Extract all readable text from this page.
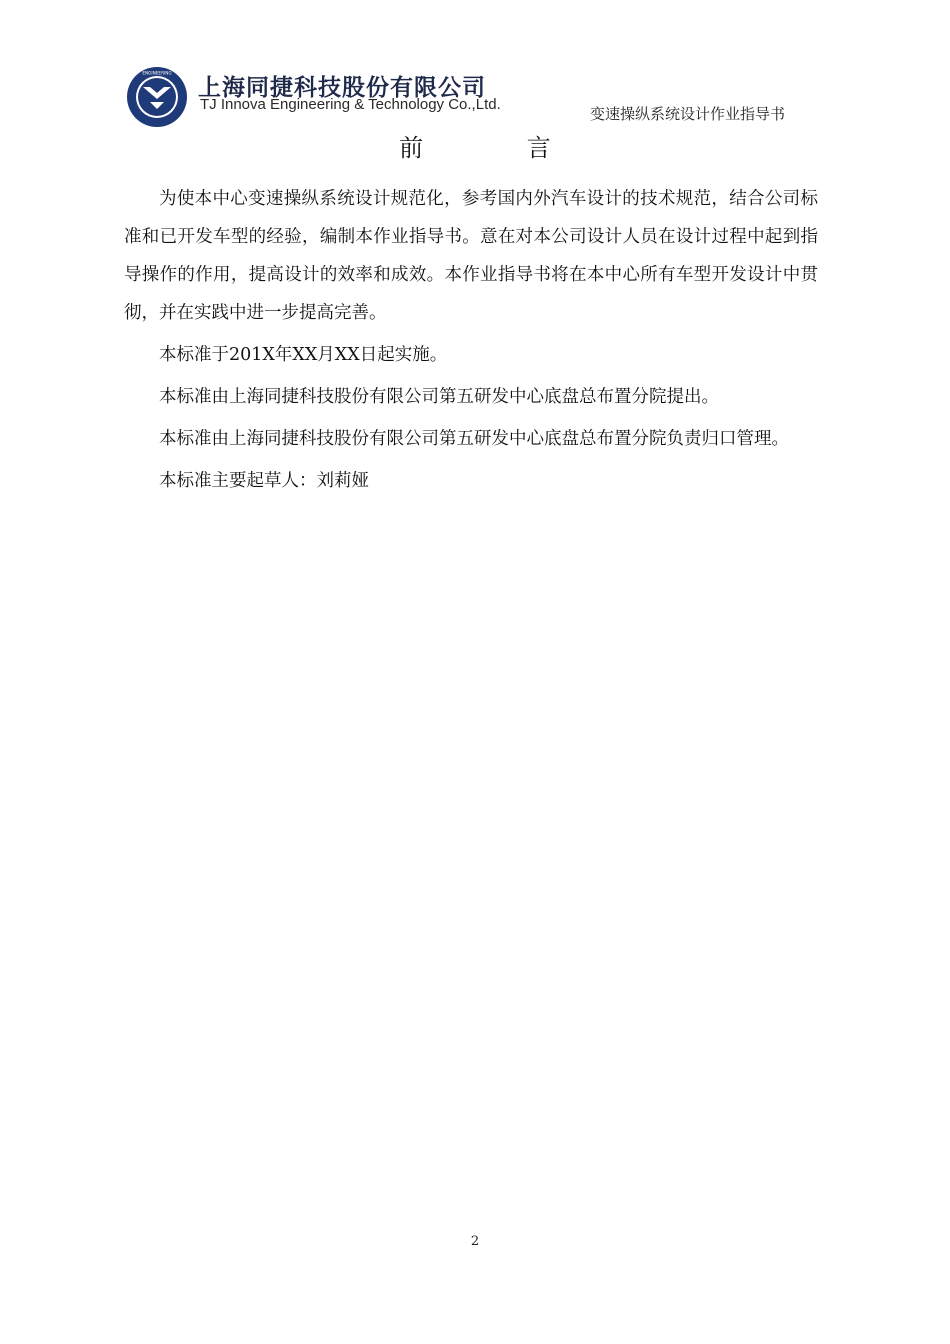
ENGINEERING
上海同捷科技股份有限公司
TJ Innova Engineering & Technology Co.,Ltd.
变速操纵系统设计作业指导书
前 言

为使本中心变速操纵系统设计规范化，参考国内外汽车设计的技术规范，结合公司标准和已开发车型的经验，编制本作业指导书。意在对本公司设计人员在设计过程中起到指导操作的作用，提高设计的效率和成效。本作业指导书将在本中心所有车型开发设计中贯彻，并在实践中进一步提高完善。

本标准于201X年XX月XX日起实施。

本标准由上海同捷科技股份有限公司第五研发中心底盘总布置分院提出。

本标准由上海同捷科技股份有限公司第五研发中心底盘总布置分院负责归口管理。

本标准主要起草人：刘莉娅

2
